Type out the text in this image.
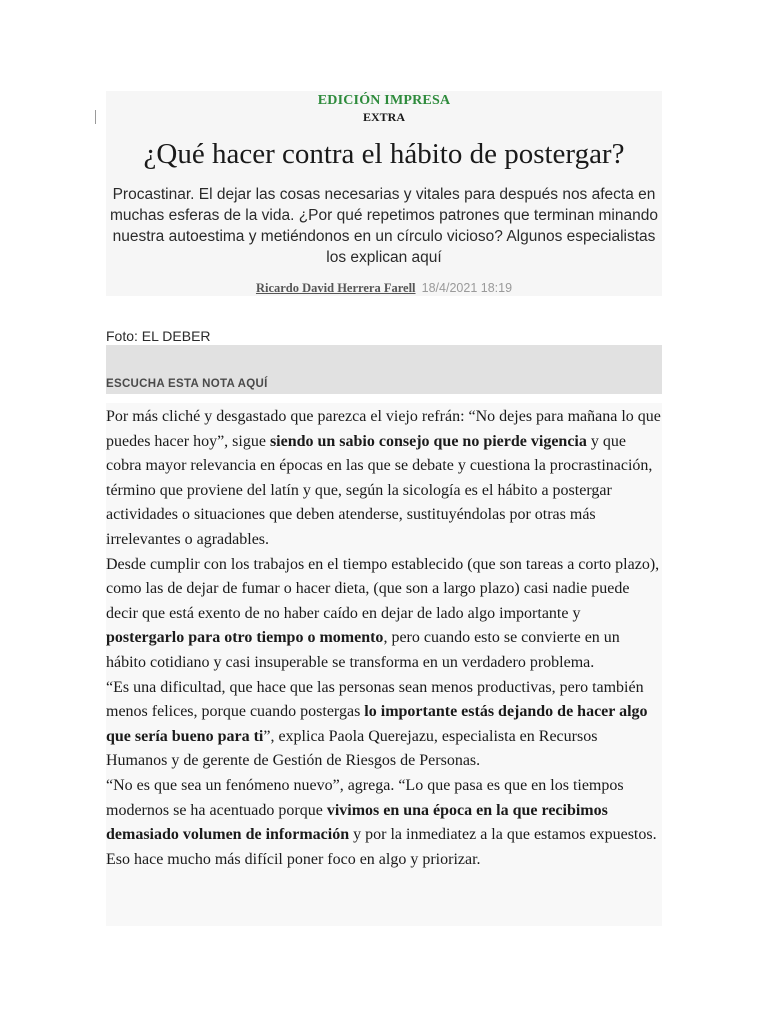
EDICIÓN IMPRESA
EXTRA
¿Qué hacer contra el hábito de postergar?

Procastinar. El dejar las cosas necesarias y vitales para después nos afecta en muchas esferas de la vida. ¿Por qué repetimos patrones que terminan minando nuestra autoestima y metiéndonos en un círculo vicioso? Algunos especialistas los explican aquí

Ricardo David Herrera Farell 18/4/2021 18:19
Foto: EL DEBER
ESCUCHA ESTA NOTA AQUÍ

Por más cliché y desgastado que parezca el viejo refrán: “No dejes para mañana lo que puedes hacer hoy”, sigue siendo un sabio consejo que no pierde vigencia y que cobra mayor relevancia en épocas en las que se debate y cuestiona la procrastinación, término que proviene del latín y que, según la sicología es el hábito a postergar actividades o situaciones que deben atenderse, sustituyéndolas por otras más irrelevantes o agradables.

Desde cumplir con los trabajos en el tiempo establecido (que son tareas a corto plazo), como las de dejar de fumar o hacer dieta, (que son a largo plazo) casi nadie puede decir que está exento de no haber caído en dejar de lado algo importante y postergarlo para otro tiempo o momento, pero cuando esto se convierte en un hábito cotidiano y casi insuperable se transforma en un verdadero problema.

“Es una dificultad, que hace que las personas sean menos productivas, pero también menos felices, porque cuando postergas lo importante estás dejando de hacer algo que sería bueno para ti”, explica Paola Querejazu, especialista en Recursos Humanos y de gerente de Gestión de Riesgos de Personas.

“No es que sea un fenómeno nuevo”, agrega. “Lo que pasa es que en los tiempos modernos se ha acentuado porque vivimos en una época en la que recibimos demasiado volumen de información y por la inmediatez a la que estamos expuestos. Eso hace mucho más difícil poner foco en algo y priorizar.
